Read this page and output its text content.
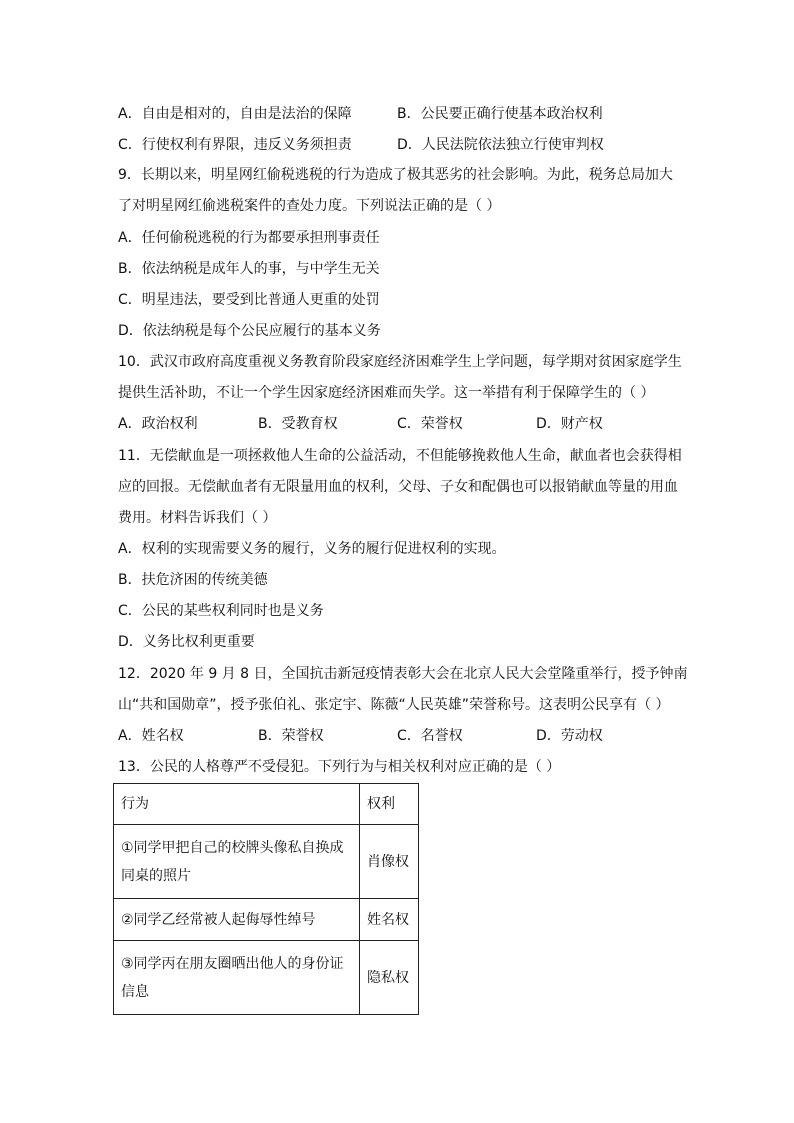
A．自由是相对的，自由是法治的保障	B．公民要正确行使基本政治权利
C．行使权利有界限，违反义务须担责	D．人民法院依法独立行使审判权
9．长期以来，明星网红偷税逃税的行为造成了极其恶劣的社会影响。为此，税务总局加大
了对明星网红偷逃税案件的查处力度。下列说法正确的是（ ）
A．任何偷税逃税的行为都要承担刑事责任
B．依法纳税是成年人的事，与中学生无关
C．明星违法，要受到比普通人更重的处罚
D．依法纳税是每个公民应履行的基本义务
10．武汉市政府高度重视义务教育阶段家庭经济困难学生上学问题，每学期对贫困家庭学生
提供生活补助，不让一个学生因家庭经济困难而失学。这一举措有利于保障学生的（ ）
A．政治权利	B．受教育权	C．荣誉权	D．财产权
11．无偿献血是一项拯救他人生命的公益活动，不但能够挽救他人生命，献血者也会获得相
应的回报。无偿献血者有无限量用血的权利，父母、子女和配偶也可以报销献血等量的用血
费用。材料告诉我们（ ）
A．权利的实现需要义务的履行，义务的履行促进权利的实现。
B．扶危济困的传统美德
C．公民的某些权利同时也是义务
D．义务比权利更重要
12．2020 年 9 月 8 日，全国抗击新冠疫情表彰大会在北京人民大会堂隆重举行，授予钟南
山“共和国勋章”，授予张伯礼、张定宇、陈薇“人民英雄”荣誉称号。这表明公民享有（ ）
A．姓名权	B．荣誉权	C．名誉权	D．劳动权
13．公民的人格尊严不受侵犯。下列行为与相关权利对应正确的是（ ）
行为	权利

①同学甲把自己的校牌头像私自换成
同桌的照片	肖像权

②同学乙经常被人起侮辱性绰号	姓名权

③同学丙在朋友圈晒出他人的身份证
信息	隐私权
